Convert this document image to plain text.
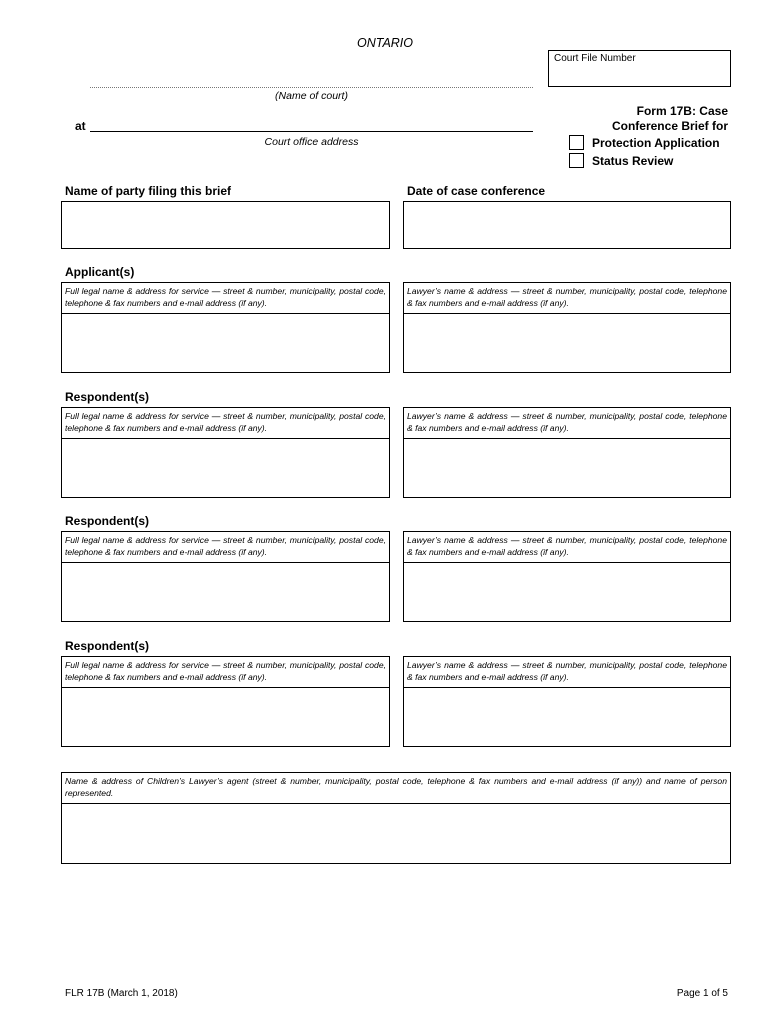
ONTARIO
Court File Number
(Name of court)
at
Court office address
Form 17B: Case
Conference Brief for
Protection Application
Status Review
Name of party filing this brief	Date of case conference
Applicant(s)
Full legal name & address for service — street & number, municipality, postal code, telephone & fax numbers and e-mail address (if any).
Lawyer’s name & address — street & number, municipality, postal code, telephone & fax numbers and e-mail address (if any).
Respondent(s)
Full legal name & address for service — street & number, municipality, postal code, telephone & fax numbers and e-mail address (if any).
Lawyer’s name & address — street & number, municipality, postal code, telephone & fax numbers and e-mail address (if any).
Respondent(s)
Full legal name & address for service — street & number, municipality, postal code, telephone & fax numbers and e-mail address (if any).
Lawyer’s name & address — street & number, municipality, postal code, telephone & fax numbers and e-mail address (if any).
Respondent(s)
Full legal name & address for service — street & number, municipality, postal code, telephone & fax numbers and e-mail address (if any).
Lawyer’s name & address — street & number, municipality, postal code, telephone & fax numbers and e-mail address (if any).
Name & address of Children’s Lawyer’s agent (street & number, municipality, postal code, telephone & fax numbers and e-mail address (if any)) and name of person represented.
FLR 17B (March 1, 2018)	Page 1 of 5
